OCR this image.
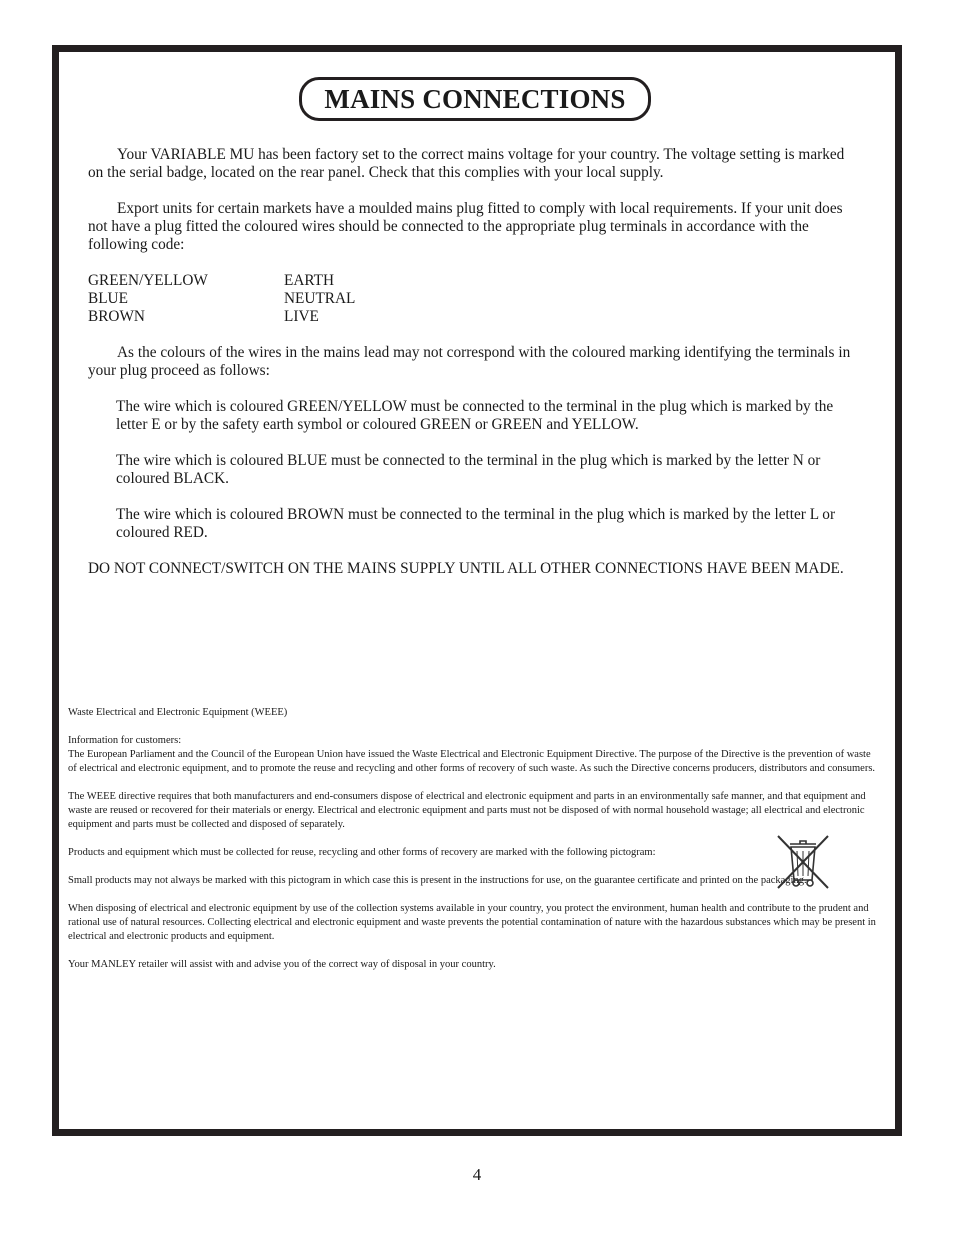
MAINS CONNECTIONS

Your VARIABLE MU has been factory set to the correct mains voltage for your country. The voltage setting is marked on the serial badge, located on the rear panel. Check that this complies with your local supply.

Export units for certain markets have a moulded mains plug fitted to comply with local requirements. If your unit does not have a plug fitted the coloured wires should be connected to the appropriate plug terminals in accordance with the following code:

GREEN/YELLOW	EARTH
BLUE	NEUTRAL
BROWN	LIVE

As the colours of the wires in the mains lead may not correspond with the coloured marking identifying the terminals in your plug proceed as follows:

The wire which is coloured GREEN/YELLOW must be connected to the terminal in the plug which is marked by the letter E or by the safety earth symbol or coloured GREEN or GREEN and YELLOW.

The wire which is coloured BLUE must be connected to the terminal in the plug which is marked by the letter N or coloured BLACK.

The wire which is coloured BROWN must be connected to the terminal in the plug which is marked by the letter L or coloured RED.

DO NOT CONNECT/SWITCH ON THE MAINS SUPPLY UNTIL ALL OTHER CONNECTIONS HAVE BEEN MADE.

Waste Electrical and Electronic Equipment (WEEE)

Information for customers:
The European Parliament and the Council of the European Union have issued the Waste Electrical and Electronic Equipment Directive. The purpose of the Directive is the prevention of waste of electrical and electronic equipment, and to promote the reuse and recycling and other forms of recovery of such waste. As such the Directive concerns producers, distributors and consumers.

The WEEE directive requires that both manufacturers and end-consumers dispose of electrical and electronic equipment and parts in an environmentally safe manner, and that equipment and waste are reused or recovered for their materials or energy. Electrical and electronic equipment and parts must not be disposed of with normal household wastage; all electrical and electronic equipment and parts must be collected and disposed of separately.

Products and equipment which must be collected for reuse, recycling and other forms of recovery are marked with the following pictogram:

Small products may not always be marked with this pictogram in which case this is present in the instructions for use, on the guarantee certificate and printed on the packaging.

When disposing of electrical and electronic equipment by use of the collection systems available in your country, you protect the environment, human health and contribute to the prudent and rational use of natural resources. Collecting electrical and electronic equipment and waste prevents the potential contamination of nature with the hazardous substances which may be present in electrical and electronic products and equipment.

Your MANLEY retailer will assist with and advise you of the correct way of disposal in your country.

4
